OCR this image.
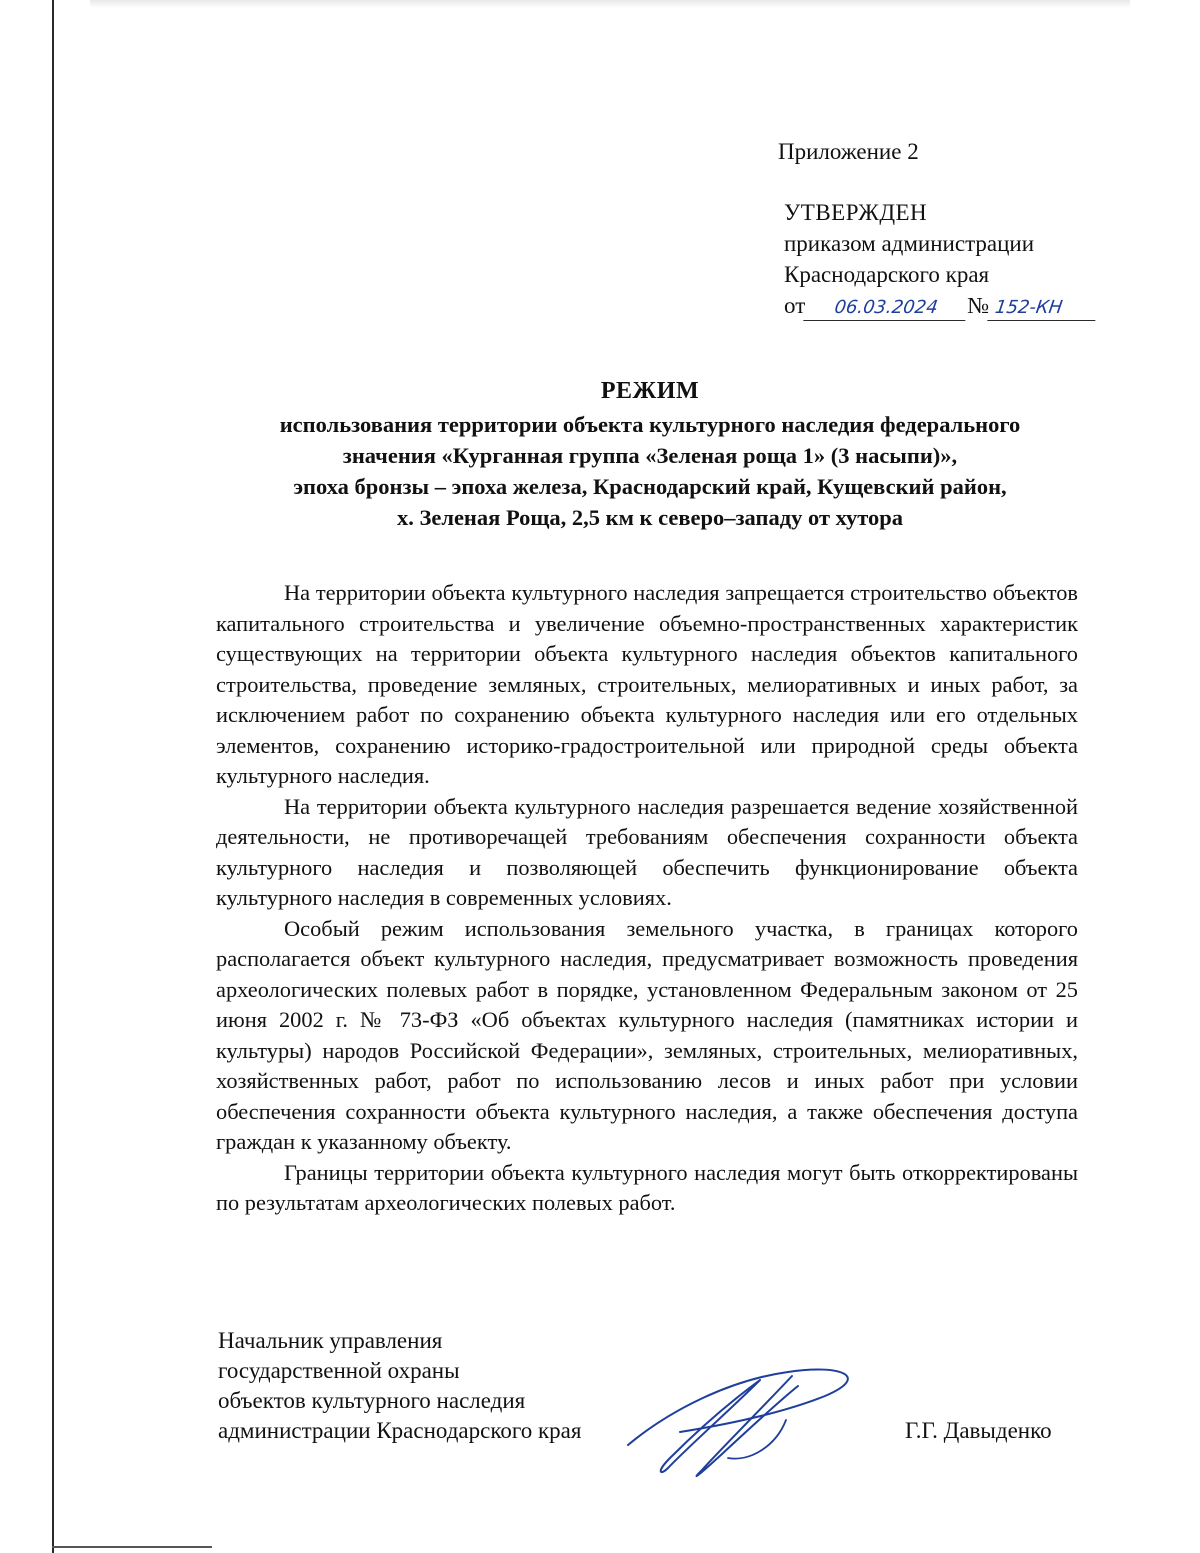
Приложение 2
УТВЕРЖДЕН
приказом администрации
Краснодарского края
от	06.03.2024	№ 152-КН
РЕЖИМ
использования территории объекта культурного наследия федерального
значения «Курганная группа «Зеленая роща 1» (3 насыпи)»,
эпоха бронзы – эпоха железа, Краснодарский край, Кущевский район,
х. Зеленая Роща, 2,5 км к северо–западу от хутора

На территории объекта культурного наследия запрещается строительство объектов капитального строительства и увеличение объемно-пространственных характеристик существующих на территории объекта культурного наследия объектов капитального строительства, проведение земляных, строительных, мелиоративных и иных работ, за исключением работ по сохранению объекта культурного наследия или его отдельных элементов, сохранению историко-градостроительной или природной среды объекта культурного наследия.

На территории объекта культурного наследия разрешается ведение хозяйственной деятельности, не противоречащей требованиям обеспечения сохранности объекта культурного наследия и позволяющей обеспечить функционирование объекта культурного наследия в современных условиях.

Особый режим использования земельного участка, в границах которого располагается объект культурного наследия, предусматривает возможность проведения археологических полевых работ в порядке, установленном Федеральным законом от 25 июня 2002 г. № 73-ФЗ «Об объектах культурного наследия (памятниках истории и культуры) народов Российской Федерации», земляных, строительных, мелиоративных, хозяйственных работ, работ по использованию лесов и иных работ при условии обеспечения сохранности объекта культурного наследия, а также обеспечения доступа граждан к указанному объекту.

Границы территории объекта культурного наследия могут быть откорректированы по результатам археологических полевых работ.

Начальник управления
государственной охраны
объектов культурного наследия
администрации Краснодарского края	Г.Г. Давыденко
